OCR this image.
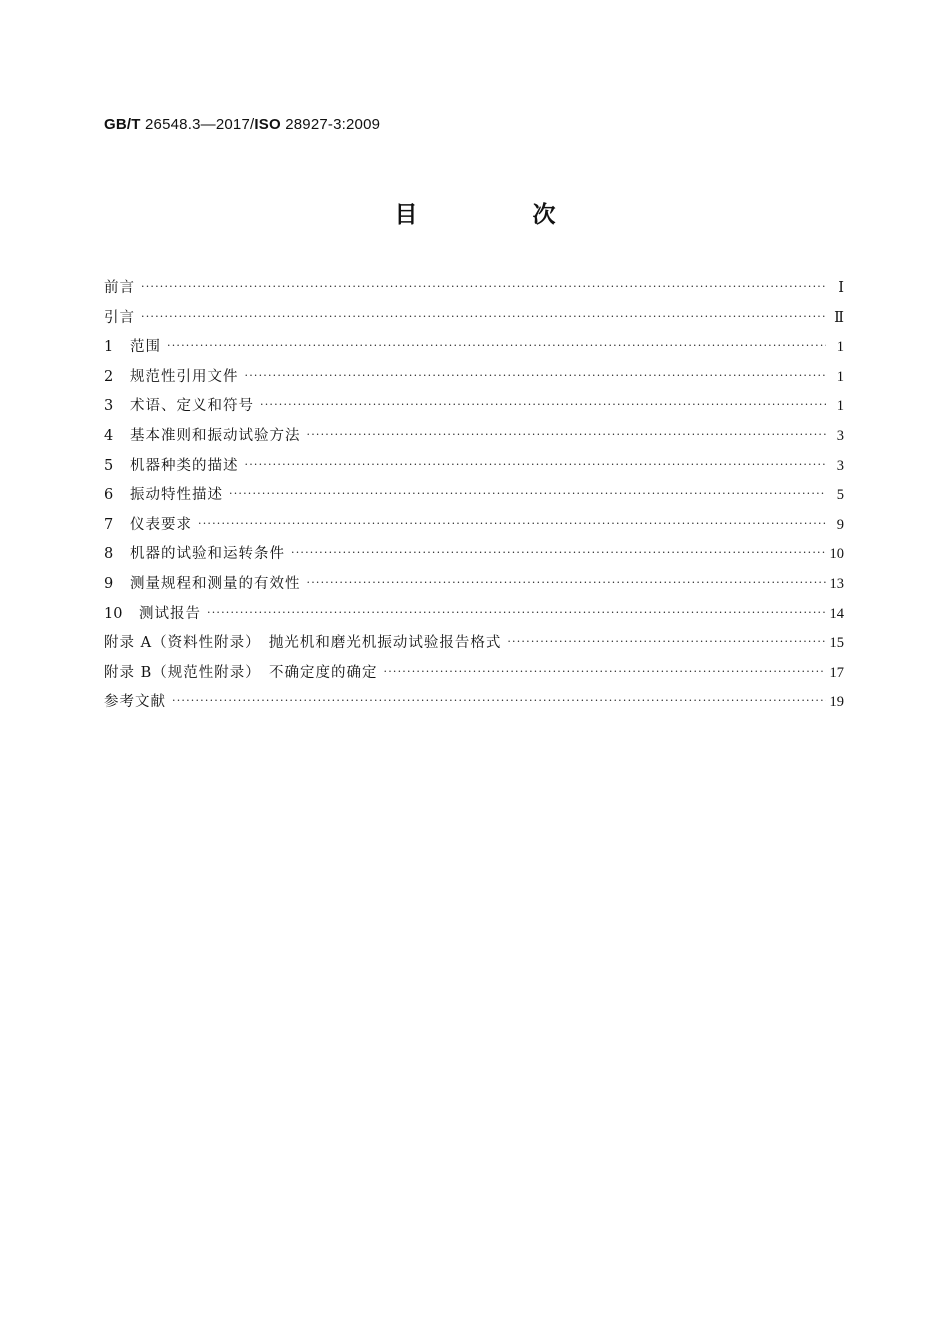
GB/T 26548.3—2017/ISO 28927-3:2009
目　次
前言 ·····	Ⅰ
引言 ·····	Ⅱ
1	范围 ·····	1
2	规范性引用文件 ·····	1
3	术语、定义和符号 ·····	1
4	基本准则和振动试验方法 ·····	3
5	机器种类的描述 ·····	3
6	振动特性描述 ·····	5
7	仪表要求 ·····	9
8	机器的试验和运转条件 ·····	10
9	测量规程和测量的有效性 ·····	13
10	测试报告 ·····	14
附录 A（资料性附录）　抛光机和磨光机振动试验报告格式 ·····	15
附录 B（规范性附录）　不确定度的确定 ·····	17
参考文献 ·····	19
